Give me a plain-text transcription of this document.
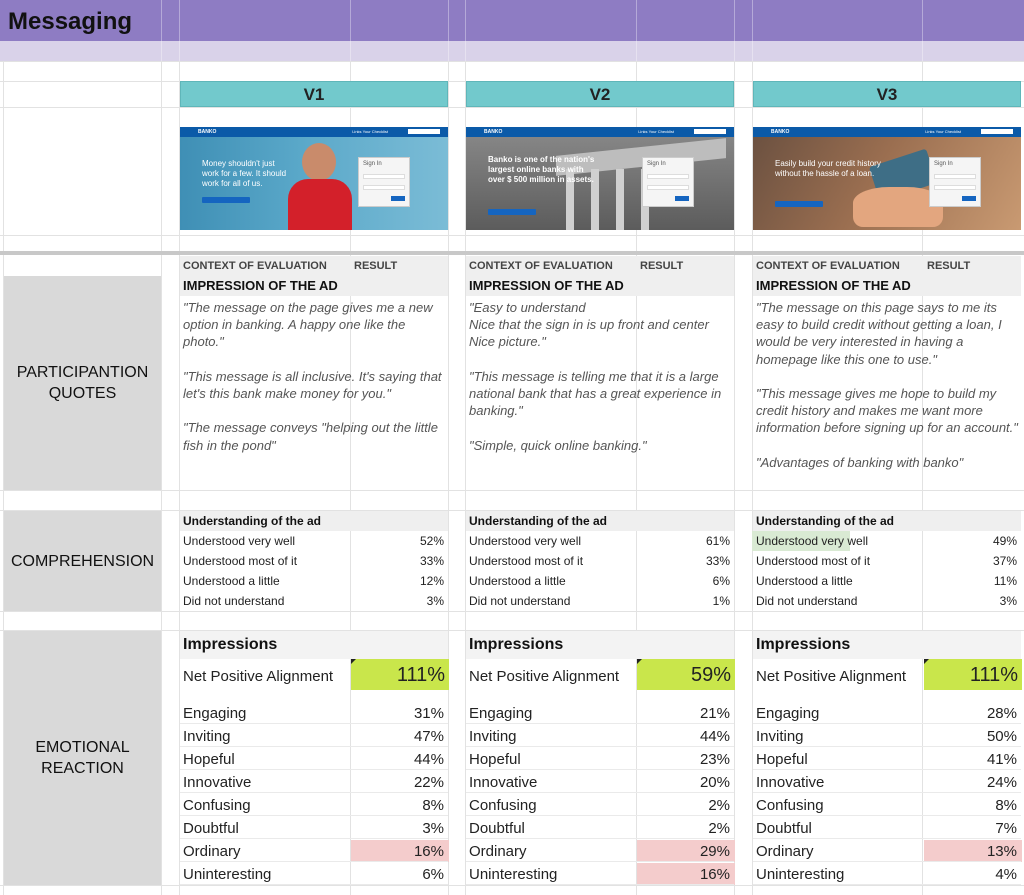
Messaging
V1	V2	V3
BANKO	Links Your Checklist
Money shouldn't just work for a few. It should work for all of us.
Sign In
BANKO	Links Your Checklist
Banko is one of the nation's largest online banks with over $ 500 million in assets.
Sign In
BANKO	Links Your Checklist
Easily build your credit history without the hassle of a loan.
Sign In
PARTICIPANTION
QUOTES
COMPREHENSION
EMOTIONAL
REACTION
CONTEXT OF EVALUATION RESULT
IMPRESSION OF THE AD

"The message on the page gives me a new option in banking. A happy one like the photo."

"This message is all inclusive. It's saying that let's this bank make money for you."

"The message conveys "helping out the little fish in the pond"

Understanding of the ad
Understood very well	52%
Understood most of it	33%
Understood a little	12%
Did not understand	3%
Impressions
Net Positive Alignment	111%
Engaging	31%
Inviting	47%
Hopeful	44%
Innovative	22%
Confusing	8%
Doubtful	3%
Ordinary	16%
Uninteresting	6%
CONTEXT OF EVALUATION RESULT
IMPRESSION OF THE AD

"Easy to understand
Nice that the sign in is up front and center
Nice picture."

"This message is telling me that it is a large national bank that has a great experience in banking."

"Simple, quick online banking."

Understanding of the ad
Understood very well	61%
Understood most of it	33%
Understood a little	6%
Did not understand	1%
Impressions
Net Positive Alignment	59%
Engaging	21%
Inviting	44%
Hopeful	23%
Innovative	20%
Confusing	2%
Doubtful	2%
Ordinary	29%
Uninteresting	16%
CONTEXT OF EVALUATION RESULT
IMPRESSION OF THE AD

"The message on this page says to me its easy to build credit without getting a loan, I would be very interested in having a homepage like this one to use."

"This message gives me hope to build my credit history and makes me want more information before signing up for an account."

"Advantages of banking with banko"

Understanding of the ad
Understood very well	49%
Understood most of it	37%
Understood a little	11%
Did not understand	3%
Impressions
Net Positive Alignment	111%
Engaging	28%
Inviting	50%
Hopeful	41%
Innovative	24%
Confusing	8%
Doubtful	7%
Ordinary	13%
Uninteresting	4%
